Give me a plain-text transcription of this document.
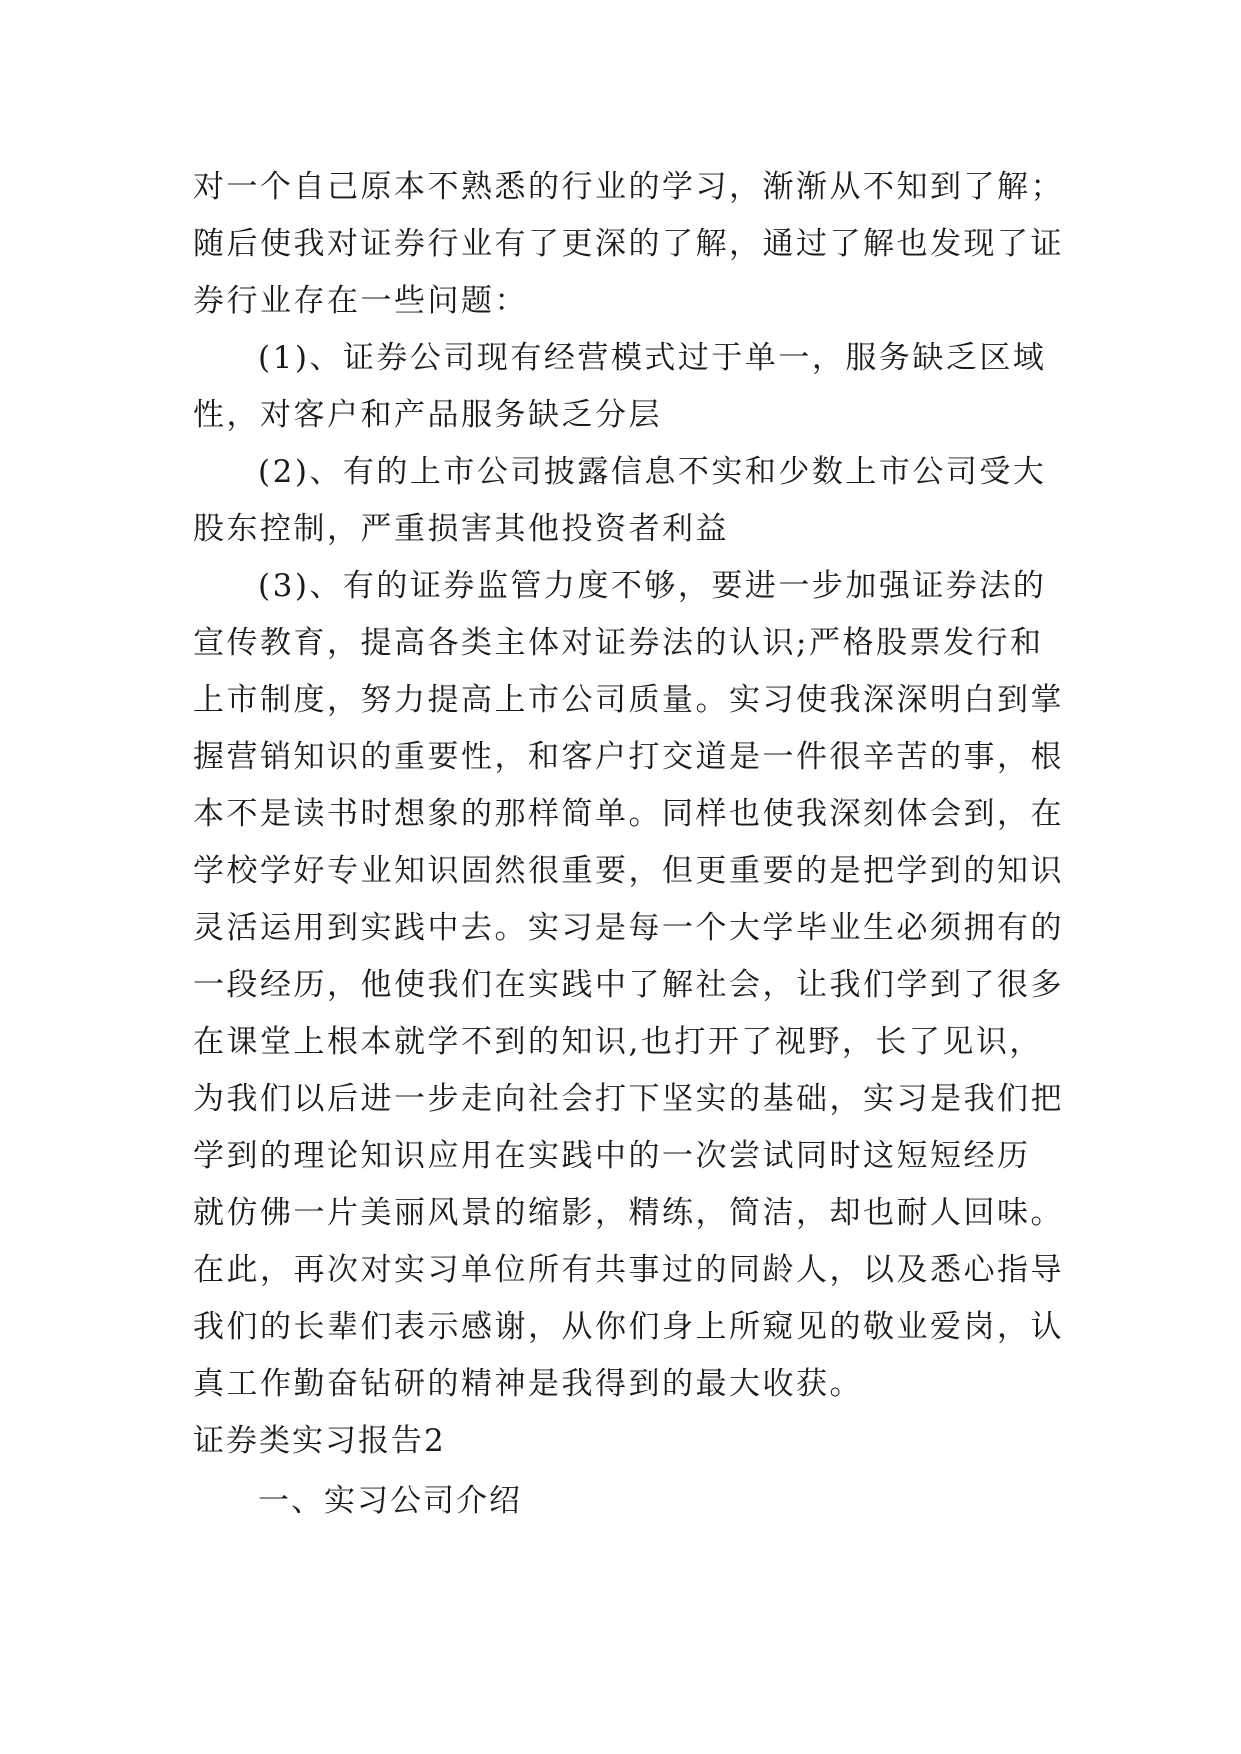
对一个自己原本不熟悉的行业的学习，渐渐从不知到了解；
随后使我对证券行业有了更深的了解，通过了解也发现了证
券行业存在一些问题：
(1)、证券公司现有经营模式过于单一，服务缺乏区域
性，对客户和产品服务缺乏分层
(2)、有的上市公司披露信息不实和少数上市公司受大
股东控制，严重损害其他投资者利益
(3)、有的证券监管力度不够，要进一步加强证券法的
宣传教育，提高各类主体对证券法的认识;严格股票发行和
上市制度，努力提高上市公司质量。实习使我深深明白到掌
握营销知识的重要性，和客户打交道是一件很辛苦的事，根
本不是读书时想象的那样简单。同样也使我深刻体会到，在
学校学好专业知识固然很重要，但更重要的是把学到的知识
灵活运用到实践中去。实习是每一个大学毕业生必须拥有的
一段经历，他使我们在实践中了解社会，让我们学到了很多
在课堂上根本就学不到的知识,也打开了视野，长了见识，
为我们以后进一步走向社会打下坚实的基础，实习是我们把
学到的理论知识应用在实践中的一次尝试同时这短短经历
就仿佛一片美丽风景的缩影，精练，简洁，却也耐人回味。
在此，再次对实习单位所有共事过的同龄人，以及悉心指导
我们的长辈们表示感谢，从你们身上所窥见的敬业爱岗，认
真工作勤奋钻研的精神是我得到的最大收获。
证券类实习报告2
一、实习公司介绍
